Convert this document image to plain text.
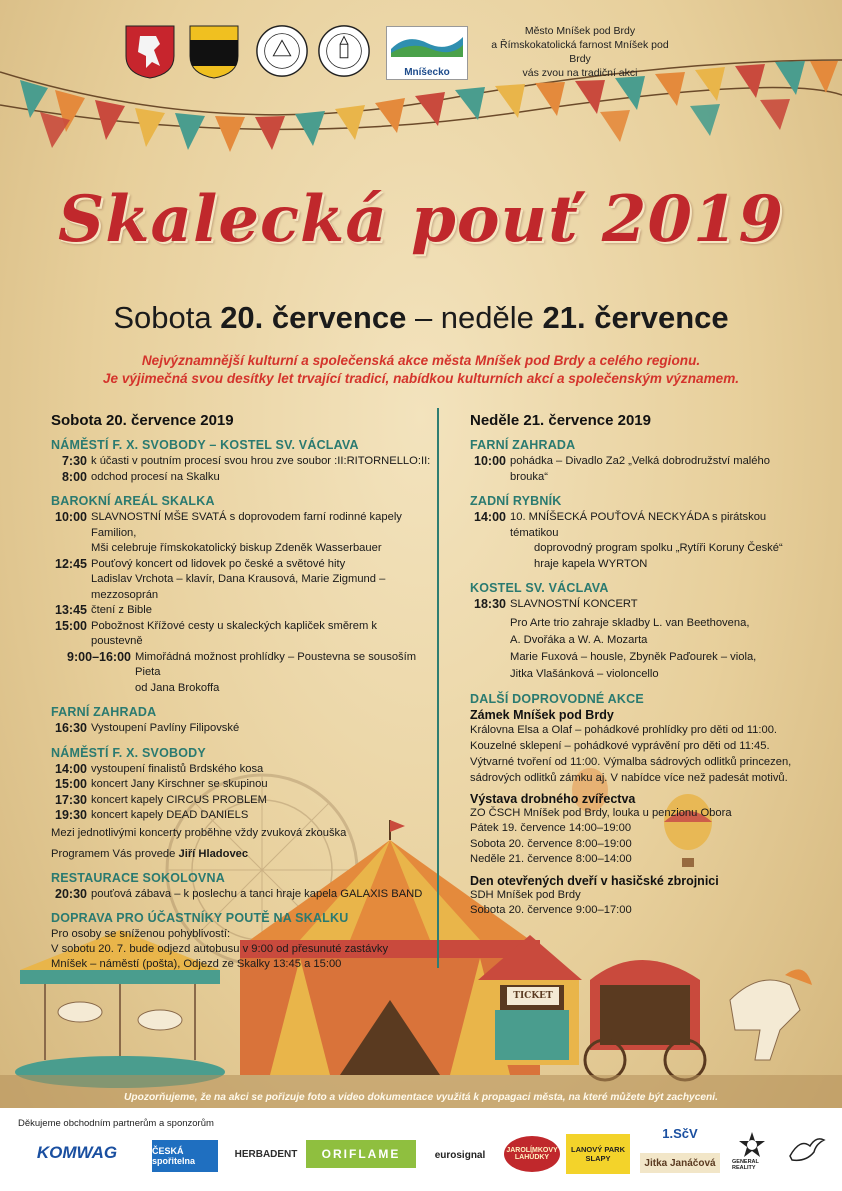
Mníšecko
Město Mníšek pod Brdy
a Římskokatolická farnost Mníšek pod Brdy
vás zvou na tradiční akci
Skalecká pouť 2019
Sobota 20. července – neděle 21. července
Nejvýznamnější kulturní a společenská akce města Mníšek pod Brdy a celého regionu.
Je výjimečná svou desítky let trvající tradicí, nabídkou kulturních akcí a společenským významem.
Sobota 20. července 2019
NÁMĚSTÍ F. X. SVOBODY – KOSTEL SV. VÁCLAVA
7:30 k účasti v poutním procesí svou hrou zve soubor :II:RITORNELLO:II:
8:00 odchod procesí na Skalku
BAROKNÍ AREÁL SKALKA
10:00 SLAVNOSTNÍ MŠE SVATÁ s doprovodem farní rodinné kapely Familion,
Mši celebruje římskokatolický biskup Zdeněk Wasserbauer
12:45 Pouťový koncert od lidovek po české a světové hity
Ladislav Vrchota – klavír, Dana Krausová, Marie Zigmund – mezzosoprán
13:45 čtení z Bible
15:00 Pobožnost Křížové cesty u skaleckých kapliček směrem k poustevně
9:00–16:00 Mimořádná možnost prohlídky – Poustevna se sousoším Pieta
od Jana Brokoffa
FARNÍ ZAHRADA
16:30 Vystoupení Pavlíny Filipovské
NÁMĚSTÍ F. X. SVOBODY
14:00 vystoupení finalistů Brdského kosa
15:00 koncert Jany Kirschner se skupinou
17:30 koncert kapely CIRCUS PROBLEM
19:30 koncert kapely DEAD DANIELS
Mezi jednotlivými koncerty proběhne vždy zvuková zkouška
Programem Vás provede Jiří Hladovec
RESTAURACE SOKOLOVNA
20:30 pouťová zábava – k poslechu a tanci hraje kapela GALAXIS BAND
DOPRAVA PRO ÚČASTNÍKY POUTĚ NA SKALKU
Pro osoby se sníženou pohyblivostí:
V sobotu 20. 7. bude odjezd autobusu v 9:00 od přesunuté zastávky
Mníšek – náměstí (pošta), Odjezd ze Skalky 13:45 a 15:00
Neděle 21. července 2019
FARNÍ ZAHRADA
10:00 pohádka – Divadlo Za2 „Velká dobrodružství malého brouka“
ZADNÍ RYBNÍK
14:00 10. MNÍŠECKÁ POUŤOVÁ NECKYÁDA s pirátskou tématikou
doprovodný program spolku „Rytíři Koruny České“
hraje kapela WYRTON
KOSTEL SV. VÁCLAVA
18:30 SLAVNOSTNÍ KONCERT
Pro Arte trio zahraje skladby L. van Beethovena,
A. Dvořáka a W. A. Mozarta
Marie Fuxová – housle, Zbyněk Paďourek – viola,
Jitka Vlašánková – violoncello
DALŠÍ DOPROVODNÉ AKCE
Zámek Mníšek pod Brdy
Královna Elsa a Olaf – pohádkové prohlídky pro děti od 11:00.
Kouzelné sklepení – pohádkové vyprávění pro děti od 11:45.
Výtvarné tvoření od 11:00. Výmalba sádrových odlitků princezen,
sádrových odlitků zámku aj. V nabídce více než padesát motivů.
Výstava drobného zvířectva
ZO ČSCH Mníšek pod Brdy, louka u penzionu Obora
Pátek 19. července 14:00–19:00
Sobota 20. července 8:00–19:00
Neděle 21. července 8:00–14:00
Den otevřených dveří v hasičské zbrojnici
SDH Mníšek pod Brdy
Sobota 20. července 9:00–17:00
TICKET
Upozorňujeme, že na akci se pořizuje foto a video dokumentace využitá k propagaci města, na které můžete být zachyceni.
Děkujeme obchodním partnerům a sponzorům
KOMWAG	ČESKÁ spořitelna
HERBADENT	ORIFLAME	eurosignal	JAROLÍMKOVY LAHŮDKY
LANOVÝ PARK SLAPY
1.SčV
Jitka Janáčová	GENERAL REALITY
